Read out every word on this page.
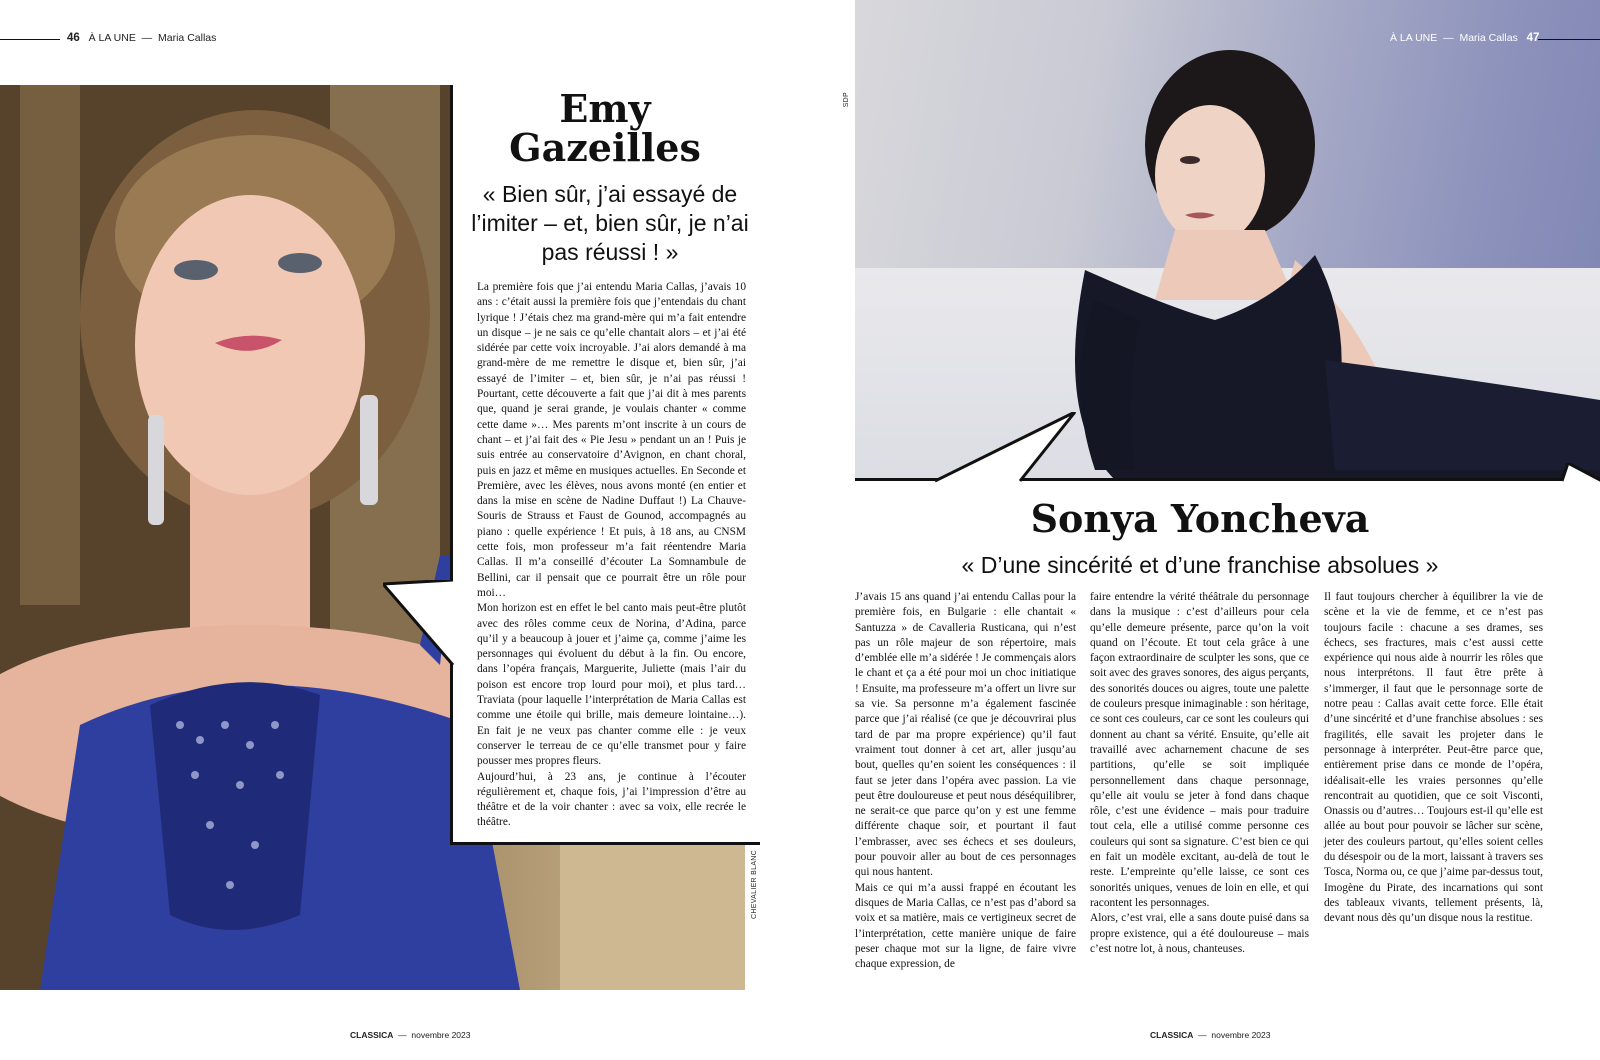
46 À LA UNE  —  Maria Callas
Emy
Gazeilles
« Bien sûr, j’ai essayé de l’imiter – et, bien sûr, je n’ai pas réussi ! »

La première fois que j’ai entendu Maria Callas, j’avais 10 ans : c’était aussi la première fois que j’entendais du chant lyrique ! J’étais chez ma grand-mère qui m’a fait entendre un disque – je ne sais ce qu’elle chantait alors – et j’ai été sidérée par cette voix incroyable. J’ai alors demandé à ma grand-mère de me remettre le disque et, bien sûr, j’ai essayé de l’imiter – et, bien sûr, je n’ai pas réussi ! Pourtant, cette découverte a fait que j’ai dit à mes parents que, quand je serai grande, je voulais chanter « comme cette dame »… Mes parents m’ont inscrite à un cours de chant – et j’ai fait des « Pie Jesu » pendant un an ! Puis je suis entrée au conservatoire d’Avignon, en chant choral, puis en jazz et même en musiques actuelles. En Seconde et Première, avec les élèves, nous avons monté (en entier et dans la mise en scène de Nadine Duffaut !) La Chauve-Souris de Strauss et Faust de Gounod, accompagnés au piano : quelle expérience ! Et puis, à 18 ans, au CNSM cette fois, mon professeur m’a fait réentendre Maria Callas. Il m’a conseillé d’écouter La Somnambule de Bellini, car il pensait que ce pourrait être un rôle pour moi…

Mon horizon est en effet le bel canto mais peut-être plutôt avec des rôles comme ceux de Norina, d’Adina, parce qu’il y a beaucoup à jouer et j’aime ça, comme j’aime les personnages qui évoluent du début à la fin. Ou encore, dans l’opéra français, Marguerite, Juliette (mais l’air du poison est encore trop lourd pour moi), et plus tard… Traviata (pour laquelle l’interprétation de Maria Callas est comme une étoile qui brille, mais demeure lointaine…). En fait je ne veux pas chanter comme elle : je veux conserver le terreau de ce qu’elle transmet pour y faire pousser mes propres fleurs.

Aujourd’hui, à 23 ans, je continue à l’écouter régulièrement et, chaque fois, j’ai l’impression d’être au théâtre et de la voir chanter : avec sa voix, elle recrée le théâtre.

CHEVALIER BLANC
CLASSICA  —  novembre 2023
À LA UNE  —  Maria Callas 47
SDP
Sonya Yoncheva
« D’une sincérité et d’une franchise absolues »

J’avais 15 ans quand j’ai entendu Callas pour la première fois, en Bulgarie : elle chantait « Santuzza » de Cavalleria Rusticana, qui n’est pas un rôle majeur de son répertoire, mais d’emblée elle m’a sidérée ! Je commençais alors le chant et ça a été pour moi un choc initiatique ! Ensuite, ma professeure m’a offert un livre sur sa vie. Sa personne m’a également fascinée parce que j’ai réalisé (ce que je découvrirai plus tard de par ma propre expérience) qu’il faut vraiment tout donner à cet art, aller jusqu’au bout, quelles qu’en soient les conséquences : il faut se jeter dans l’opéra avec passion. La vie peut être douloureuse et peut nous déséquilibrer, ne serait-ce que parce qu’on y est une femme différente chaque soir, et pourtant il faut l’embrasser, avec ses échecs et ses douleurs, pour pouvoir aller au bout de ces personnages qui nous hantent.

Mais ce qui m’a aussi frappé en écoutant les disques de Maria Callas, ce n’est pas d’abord sa voix et sa matière, mais ce vertigineux secret de l’interprétation, cette manière unique de faire peser chaque mot sur la ligne, de faire vivre chaque expression, de

faire entendre la vérité théâtrale du personnage dans la musique : c’est d’ailleurs pour cela qu’elle demeure présente, parce qu’on la voit quand on l’écoute. Et tout cela grâce à une façon extraordinaire de sculpter les sons, que ce soit avec des graves sonores, des aigus perçants, des sonorités douces ou aigres, toute une palette de couleurs presque inimaginable : son héritage, ce sont ces couleurs, car ce sont les couleurs qui donnent au chant sa vérité. Ensuite, qu’elle ait travaillé avec acharnement chacune de ses partitions, qu’elle se soit impliquée personnellement dans chaque personnage, qu’elle ait voulu se jeter à fond dans chaque rôle, c’est une évidence – mais pour traduire tout cela, elle a utilisé comme personne ces couleurs qui sont sa signature. C’est bien ce qui en fait un modèle excitant, au-delà de tout le reste. L’empreinte qu’elle laisse, ce sont ces sonorités uniques, venues de loin en elle, et qui racontent les personnages.

Alors, c’est vrai, elle a sans doute puisé dans sa propre existence, qui a été douloureuse – mais c’est notre lot, à nous, chanteuses.

Il faut toujours chercher à équilibrer la vie de scène et la vie de femme, et ce n’est pas toujours facile : chacune a ses drames, ses échecs, ses fractures, mais c’est aussi cette expérience qui nous aide à nourrir les rôles que nous interprétons. Il faut être prête à s’immerger, il faut que le personnage sorte de notre peau : Callas avait cette force. Elle était d’une sincérité et d’une franchise absolues : ses fragilités, elle savait les projeter dans le personnage à interpréter. Peut-être parce que, entièrement prise dans ce monde de l’opéra, idéalisait-elle les vraies personnes qu’elle rencontrait au quotidien, que ce soit Visconti, Onassis ou d’autres… Toujours est-il qu’elle est allée au bout pour pouvoir se lâcher sur scène, jeter des couleurs partout, qu’elles soient celles du désespoir ou de la mort, laissant à travers ses Tosca, Norma ou, ce que j’aime par-dessus tout, Imogène du Pirate, des incarnations qui sont des tableaux vivants, tellement présents, là, devant nous dès qu’un disque nous la restitue.

CLASSICA  —  novembre 2023
